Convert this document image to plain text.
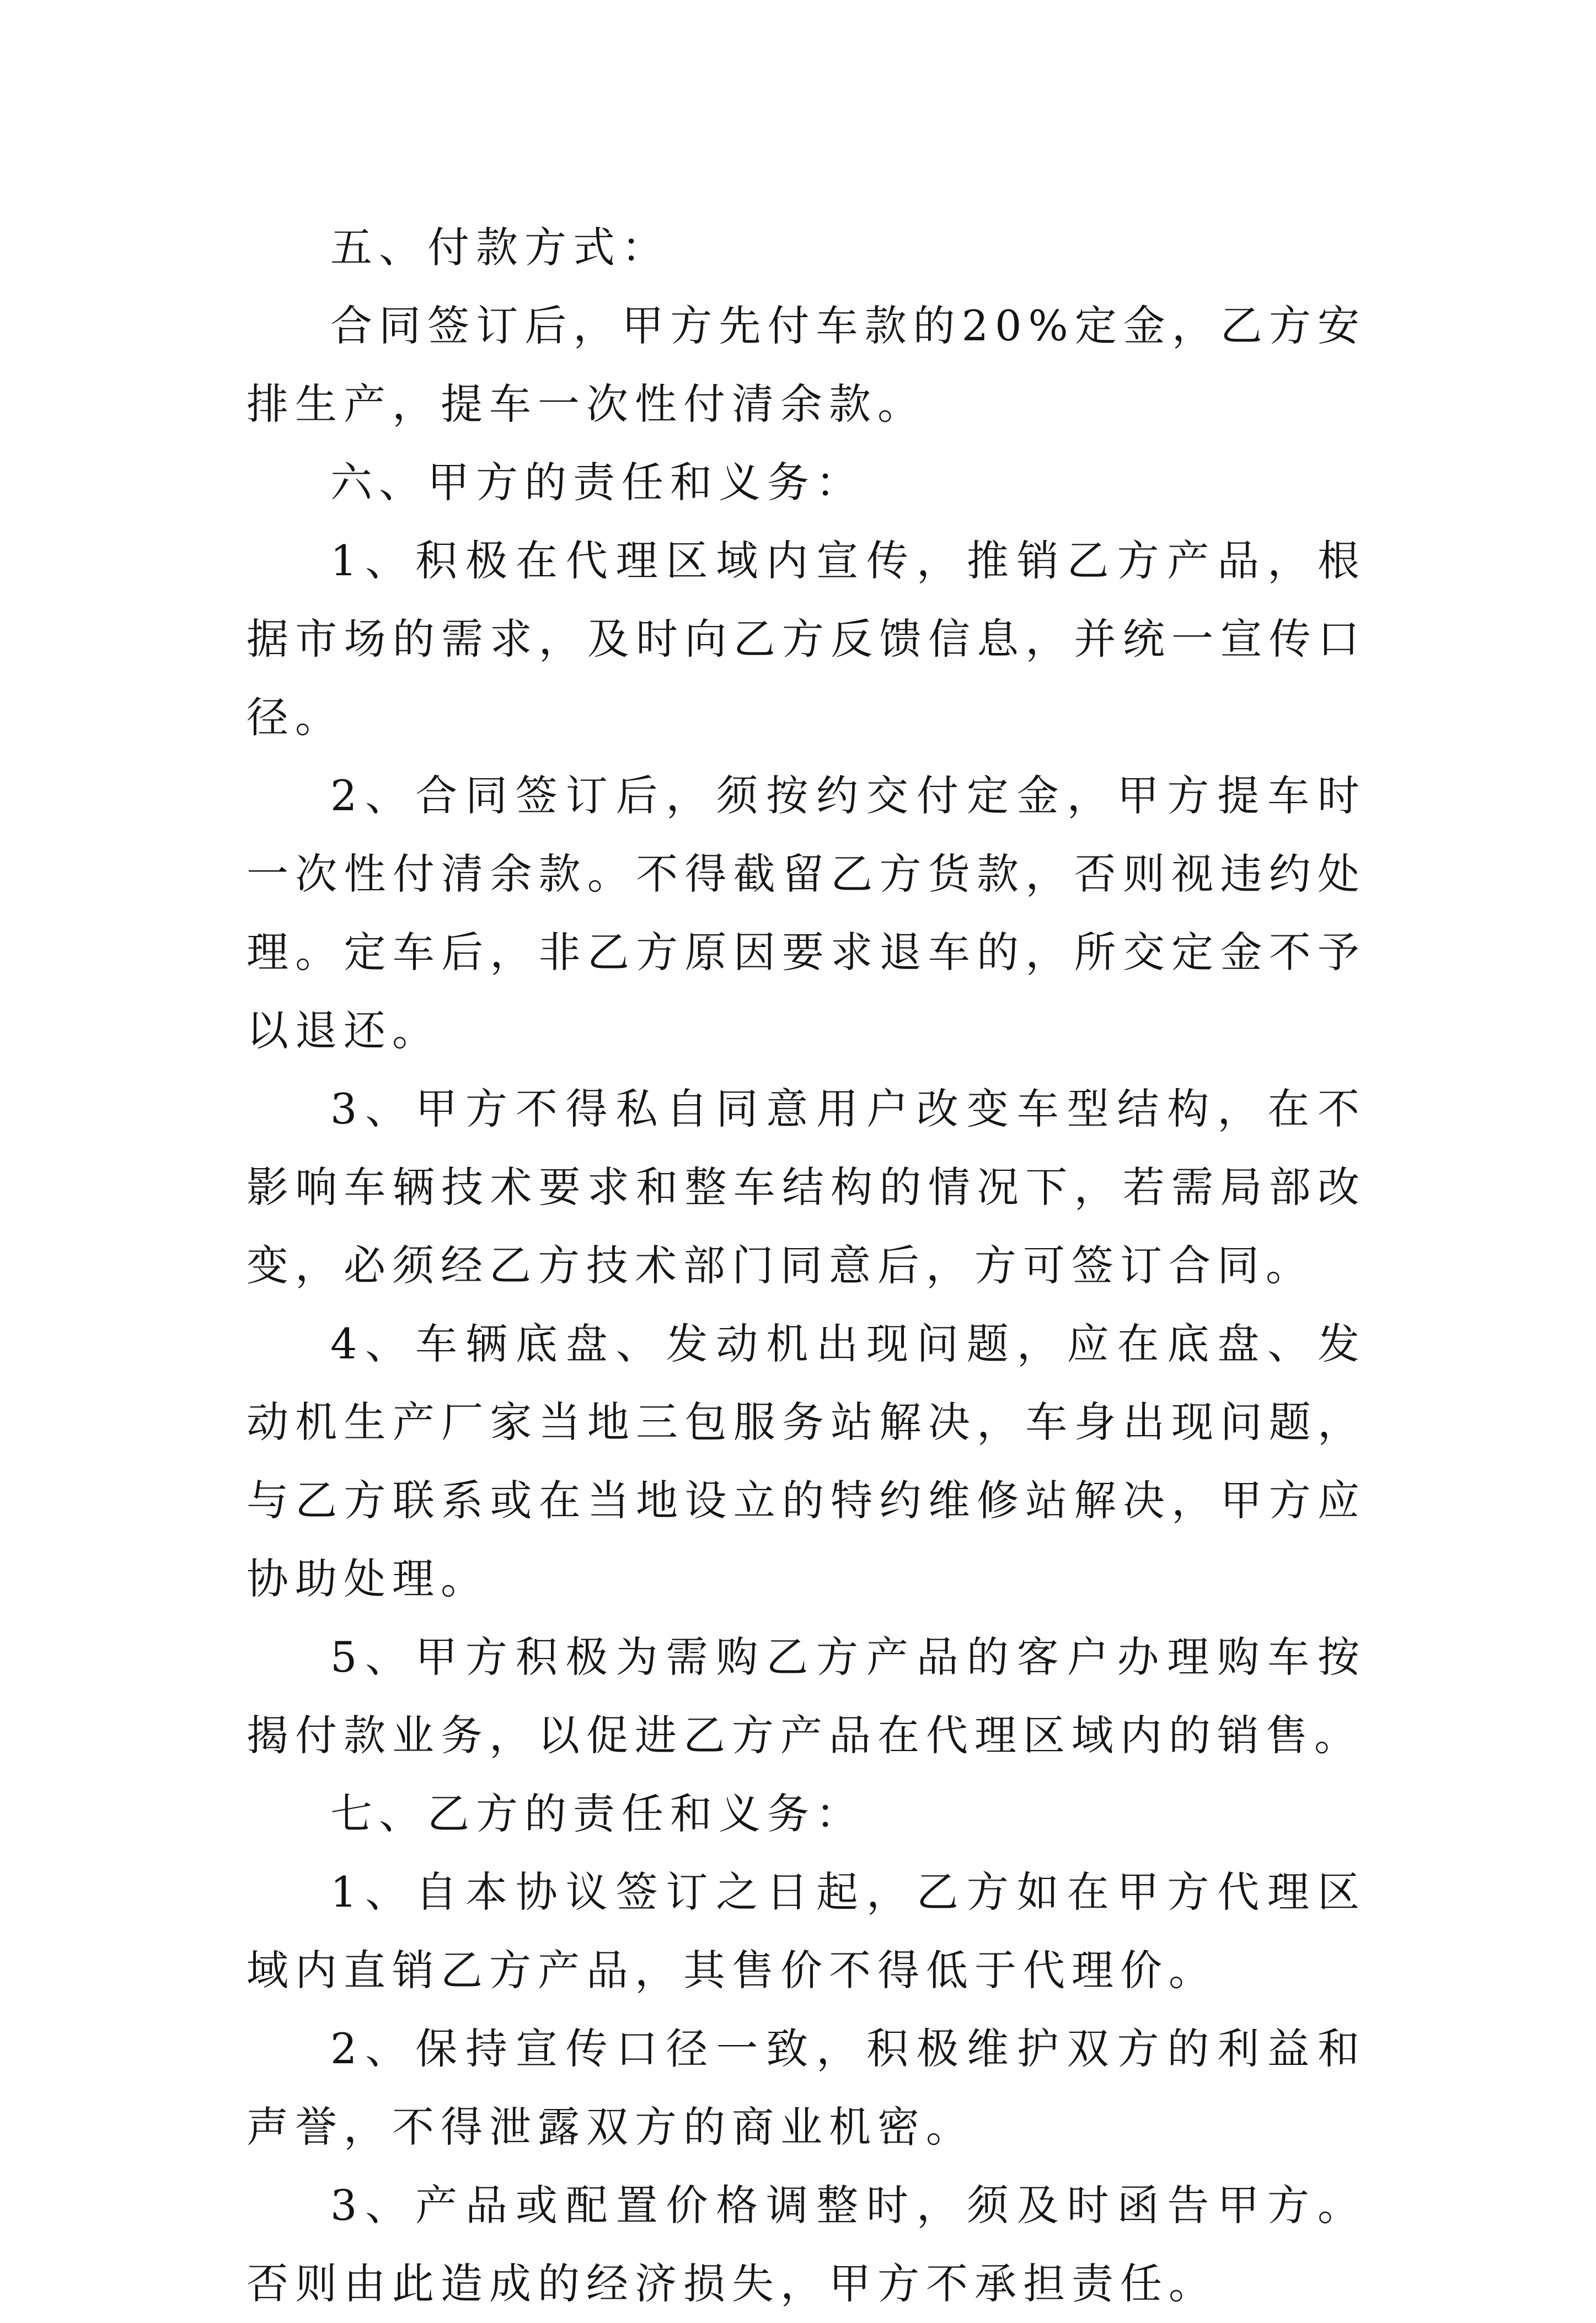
五、付款方式：

合同签订后，甲方先付车款的20%定金，乙方安排生产，提车一次性付清余款。

六、甲方的责任和义务：

1、积极在代理区域内宣传，推销乙方产品，根据市场的需求，及时向乙方反馈信息，并统一宣传口径。

2、合同签订后，须按约交付定金，甲方提车时一次性付清余款。不得截留乙方货款，否则视违约处理。定车后，非乙方原因要求退车的，所交定金不予以退还。

3、甲方不得私自同意用户改变车型结构，在不影响车辆技术要求和整车结构的情况下，若需局部改变，必须经乙方技术部门同意后，方可签订合同。

4、车辆底盘、发动机出现问题，应在底盘、发动机生产厂家当地三包服务站解决，车身出现问题，与乙方联系或在当地设立的特约维修站解决，甲方应协助处理。

5、甲方积极为需购乙方产品的客户办理购车按揭付款业务，以促进乙方产品在代理区域内的销售。

七、乙方的责任和义务：

1、自本协议签订之日起，乙方如在甲方代理区域内直销乙方产品，其售价不得低于代理价。

2、保持宣传口径一致，积极维护双方的利益和声誉，不得泄露双方的商业机密。

3、产品或配置价格调整时，须及时函告甲方。否则由此造成的经济损失，甲方不承担责任。
